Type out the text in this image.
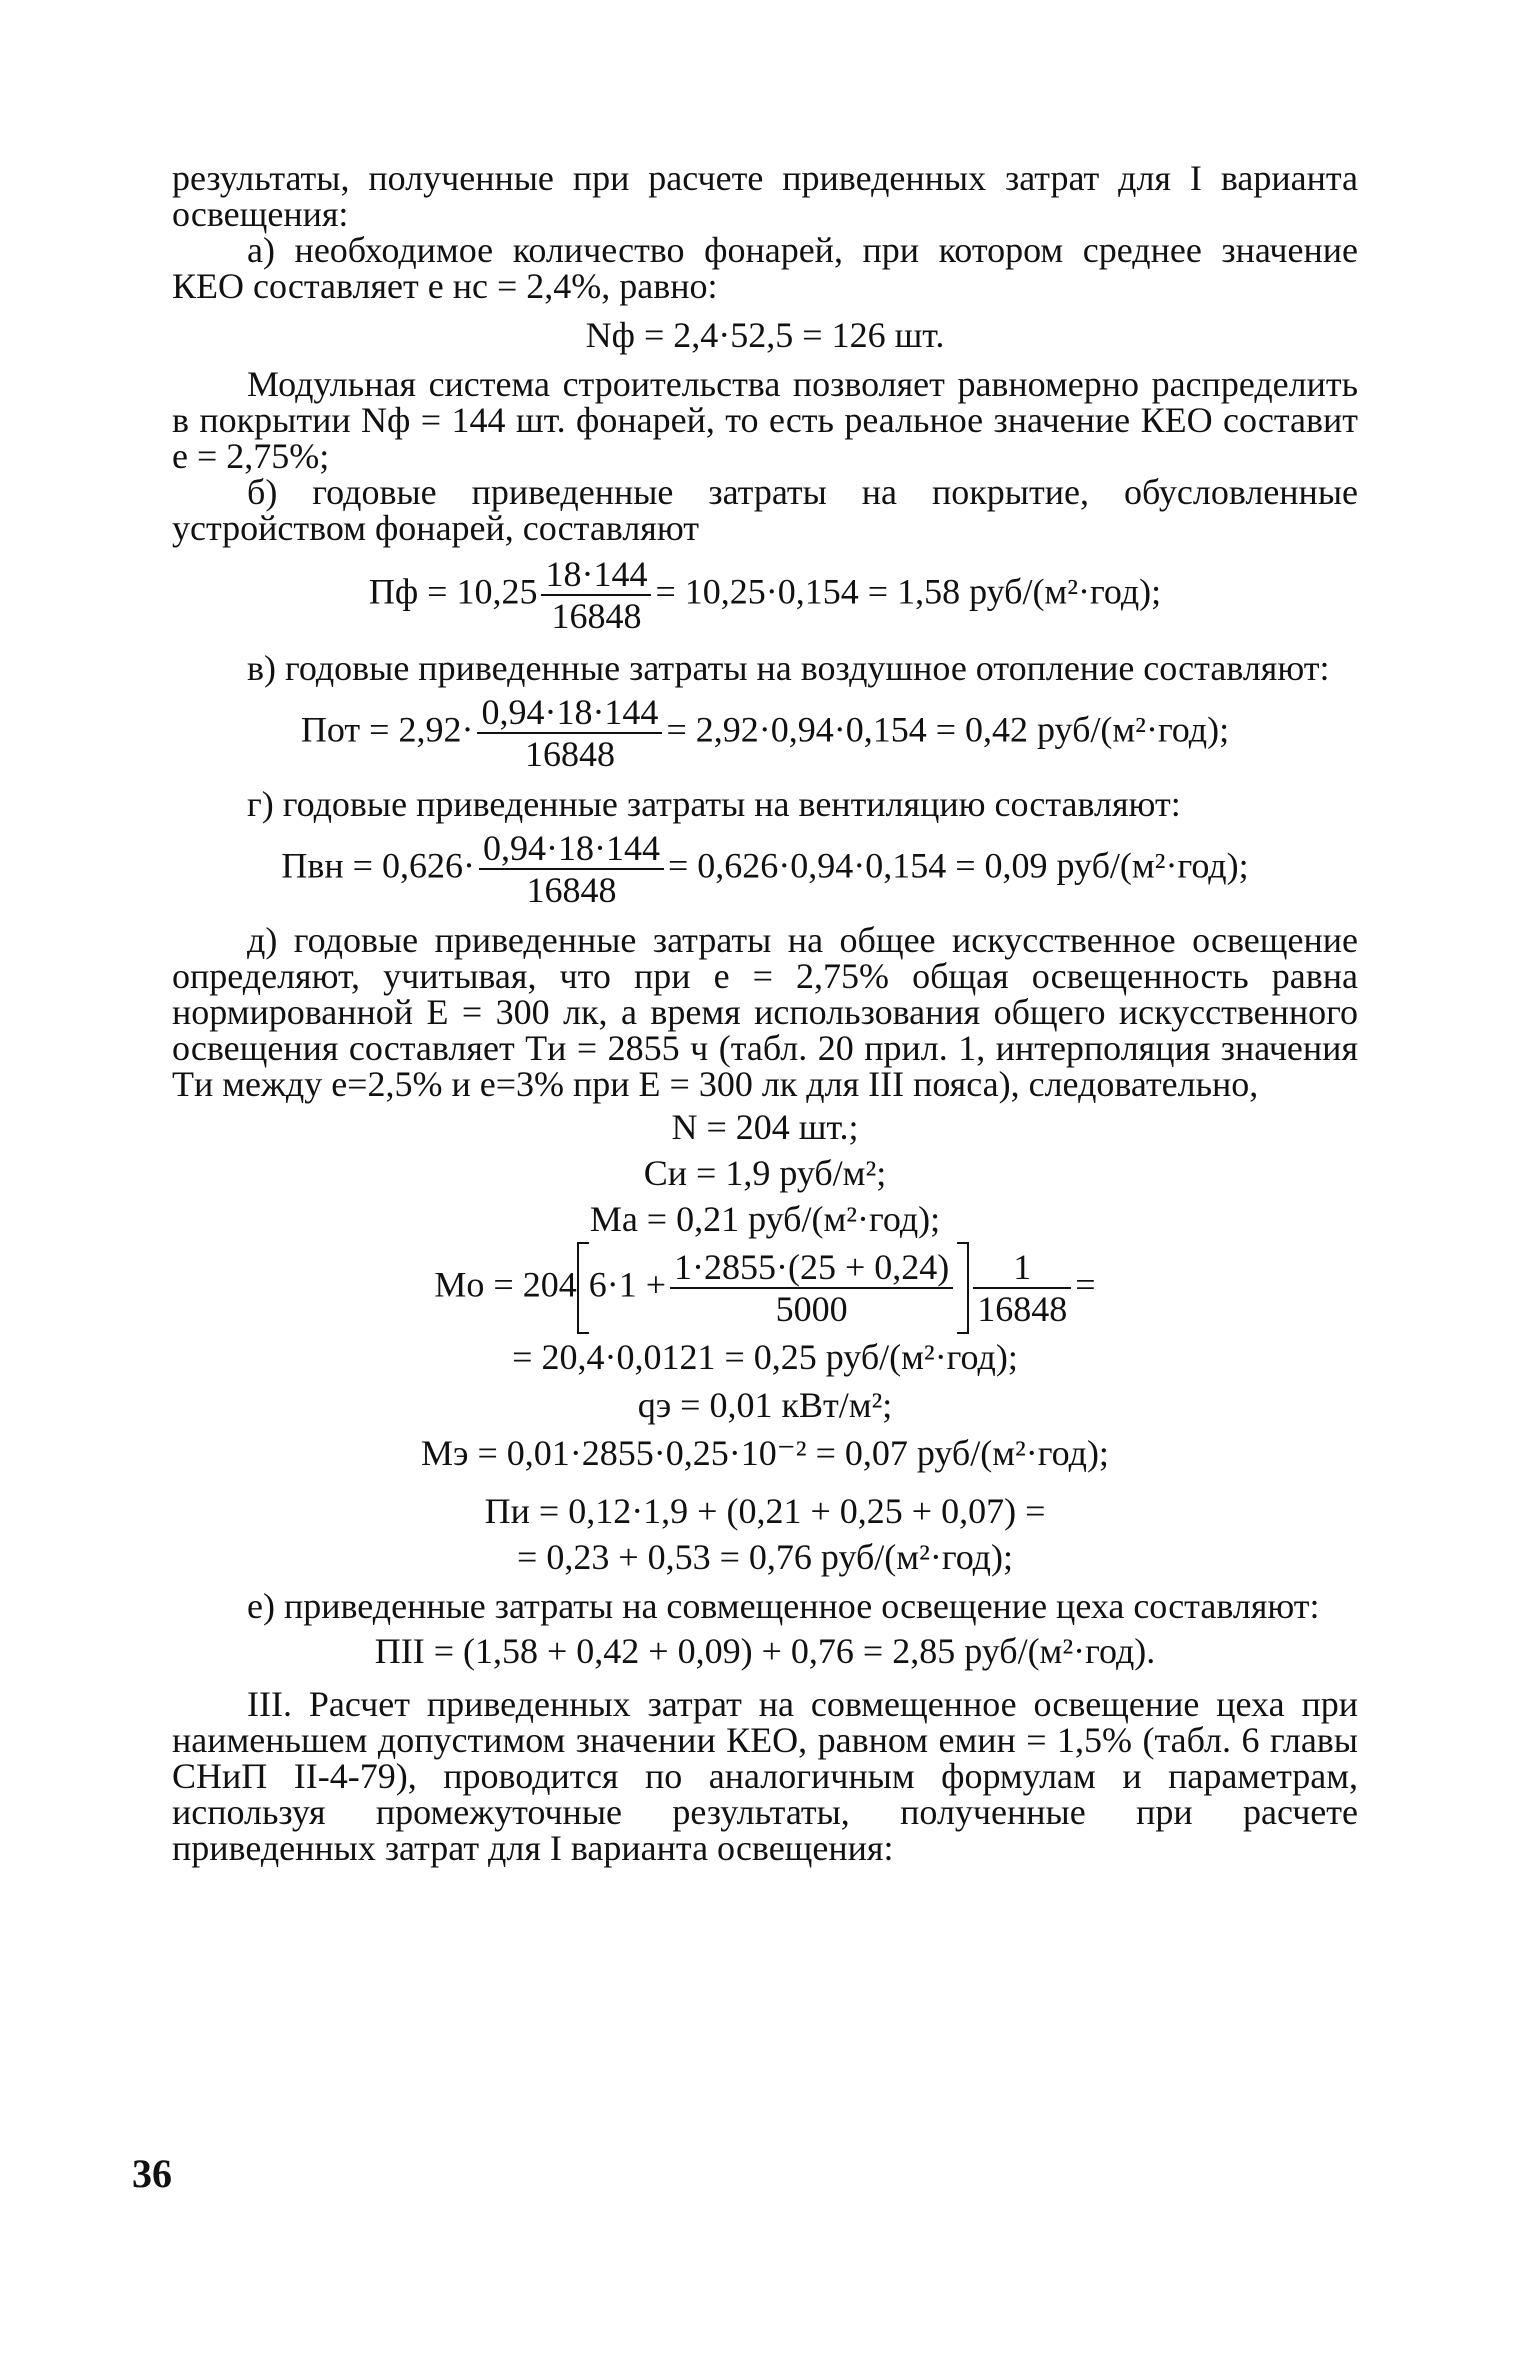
результаты, полученные при расчете приведенных затрат для I варианта освещения:

а) необходимое количество фонарей, при котором среднее значение КЕО составляет e нс = 2,4%, равно:

Nф = 2,4·52,5 = 126 шт.

Модульная система строительства позволяет равномерно распределить в покрытии Nф = 144 шт. фонарей, то есть реальное значение КЕО составит e = 2,75%;

б) годовые приведенные затраты на покрытие, обусловленные устройством фонарей, составляют

Пф = $10,25 \frac{18\cdot 144}{16848} = 10,25\cdot 0,154 = 1,58$ руб/(м²·год);

в) годовые приведенные затраты на воздушное отопление составляют:

Пот = $2,92\cdot \frac{0,94\cdot 18\cdot 144}{16848} = 2,92\cdot 0,94\cdot 0,154 = 0,42$ руб/(м²·год);

г) годовые приведенные затраты на вентиляцию составляют:

Пвн = $0,626\cdot \frac{0,94\cdot 18\cdot 144}{16848} = 0,626\cdot 0,94\cdot 0,154 = 0,09$ руб/(м²·год);

д) годовые приведенные затраты на общее искусственное освещение определяют, учитывая, что при e = 2,75% общая освещенность равна нормированной E = 300 лк, а время использования общего искусственного освещения составляет Tи = 2855 ч (табл. 20 прил. 1, интерполяция значения Tи между e=2,5% и e=3% при E = 300 лк для III пояса), следовательно,

N = 204 шт.;

Cи = 1,9 руб/м²;

Mа = 0,21 руб/(м²·год);

Mо = 204 $6\cdot 1 + \frac{1\cdot 2855\cdot(25 + 0,24)}{5000} \frac{1}{16848}$ =

= 20,4·0,0121 = 0,25 руб/(м²·год);

qэ = 0,01 кВт/м²;

Mэ = 0,01·2855·0,25·10⁻² = 0,07 руб/(м²·год);

Пи = 0,12·1,9 + (0,21 + 0,25 + 0,07) =

= 0,23 + 0,53 = 0,76 руб/(м²·год);

е) приведенные затраты на совмещенное освещение цеха составляют:

ПII = (1,58 + 0,42 + 0,09) + 0,76 = 2,85 руб/(м²·год).

III. Расчет приведенных затрат на совмещенное освещение цеха при наименьшем допустимом значении КЕО, равном eмин = 1,5% (табл. 6 главы СНиП II-4-79), проводится по аналогичным формулам и параметрам, используя промежуточные результаты, полученные при расчете приведенных затрат для I варианта освещения:

36
